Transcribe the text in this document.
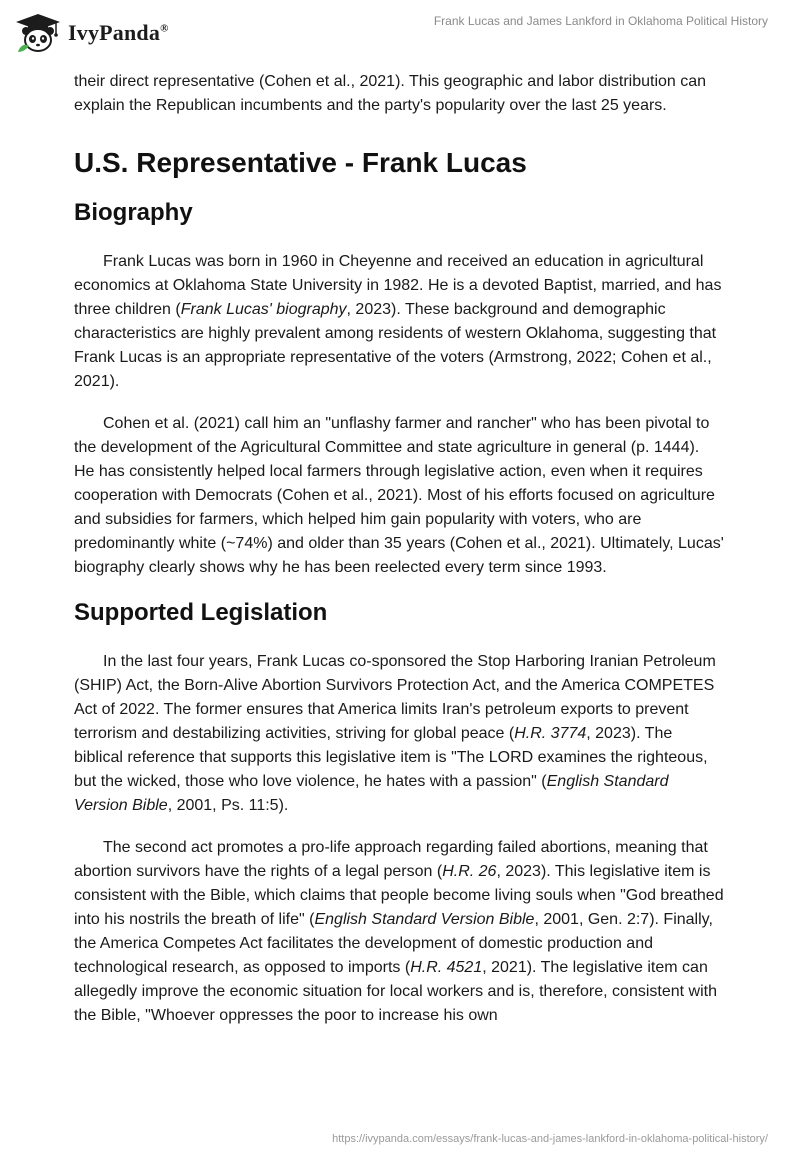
IvyPanda®
Frank Lucas and James Lankford in Oklahoma Political History

their direct representative (Cohen et al., 2021). This geographic and labor distribution can explain the Republican incumbents and the party's popularity over the last 25 years.

U.S. Representative - Frank Lucas
Biography

Frank Lucas was born in 1960 in Cheyenne and received an education in agricultural economics at Oklahoma State University in 1982. He is a devoted Baptist, married, and has three children (Frank Lucas' biography, 2023). These background and demographic characteristics are highly prevalent among residents of western Oklahoma, suggesting that Frank Lucas is an appropriate representative of the voters (Armstrong, 2022; Cohen et al., 2021).

Cohen et al. (2021) call him an "unflashy farmer and rancher" who has been pivotal to the development of the Agricultural Committee and state agriculture in general (p. 1444). He has consistently helped local farmers through legislative action, even when it requires cooperation with Democrats (Cohen et al., 2021). Most of his efforts focused on agriculture and subsidies for farmers, which helped him gain popularity with voters, who are predominantly white (~74%) and older than 35 years (Cohen et al., 2021). Ultimately, Lucas' biography clearly shows why he has been reelected every term since 1993.

Supported Legislation

In the last four years, Frank Lucas co-sponsored the Stop Harboring Iranian Petroleum (SHIP) Act, the Born-Alive Abortion Survivors Protection Act, and the America COMPETES Act of 2022. The former ensures that America limits Iran's petroleum exports to prevent terrorism and destabilizing activities, striving for global peace (H.R. 3774, 2023). The biblical reference that supports this legislative item is "The LORD examines the righteous, but the wicked, those who love violence, he hates with a passion" (English Standard Version Bible, 2001, Ps. 11:5).

The second act promotes a pro-life approach regarding failed abortions, meaning that abortion survivors have the rights of a legal person (H.R. 26, 2023). This legislative item is consistent with the Bible, which claims that people become living souls when "God breathed into his nostrils the breath of life" (English Standard Version Bible, 2001, Gen. 2:7). Finally, the America Competes Act facilitates the development of domestic production and technological research, as opposed to imports (H.R. 4521, 2021). The legislative item can allegedly improve the economic situation for local workers and is, therefore, consistent with the Bible, "Whoever oppresses the poor to increase his own

https://ivypanda.com/essays/frank-lucas-and-james-lankford-in-oklahoma-political-history/
